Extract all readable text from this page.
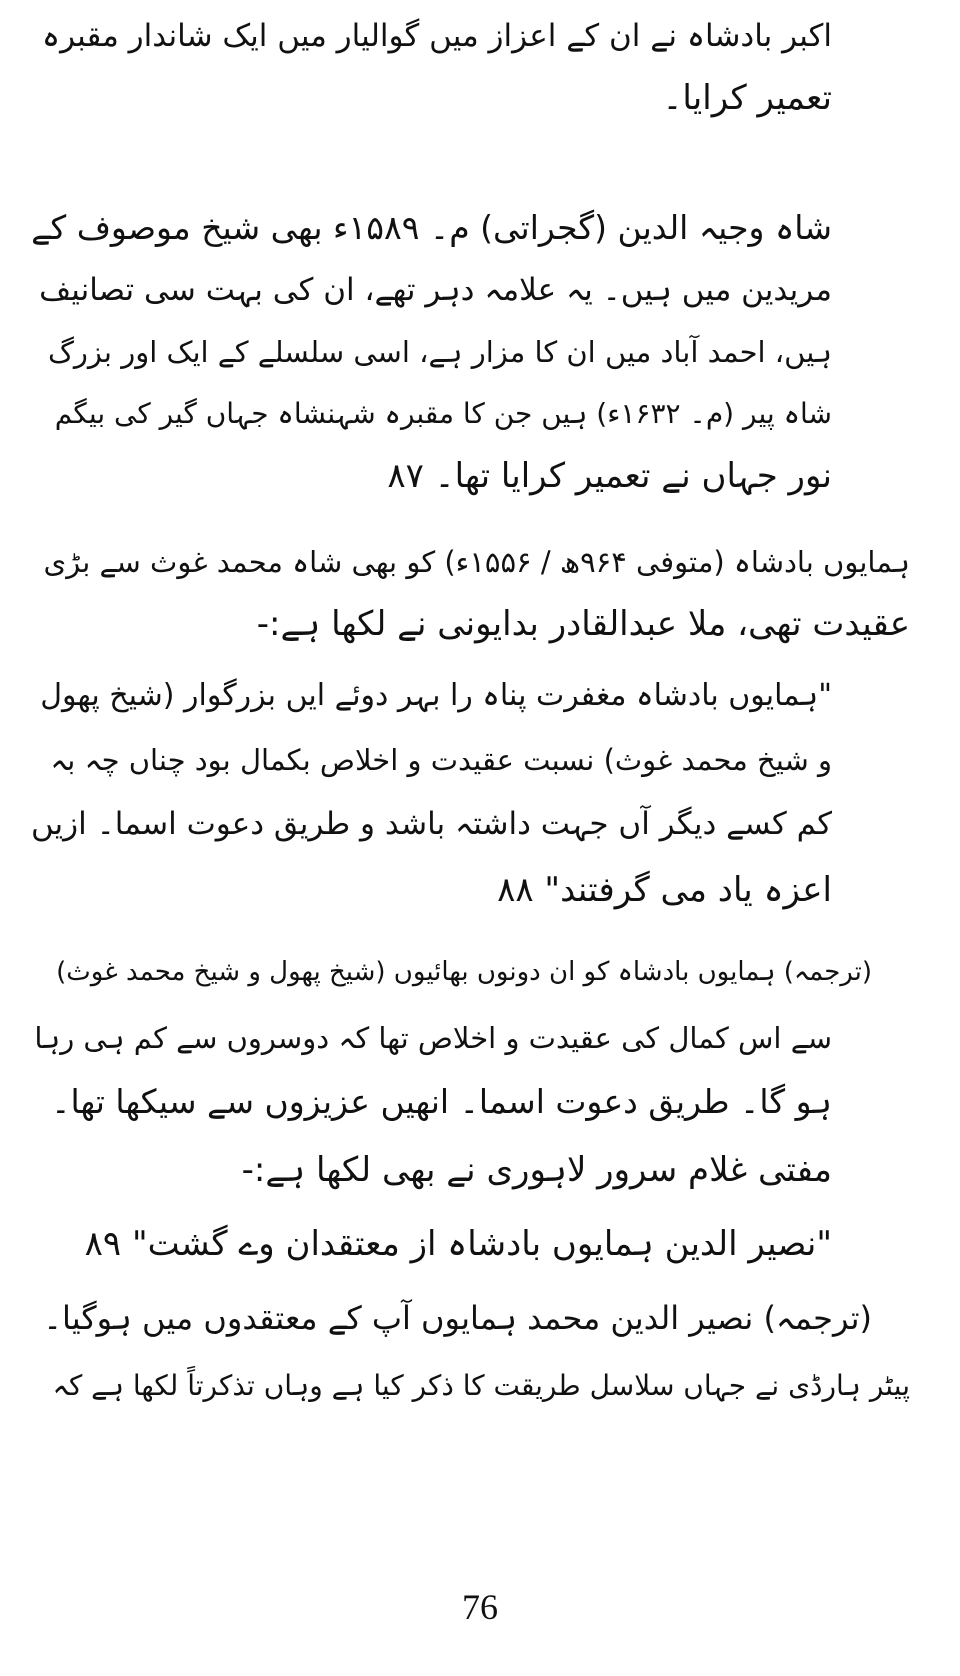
اکبر بادشاہ نے ان کے اعزاز میں گوالیار میں ایک شاندار مقبرہ
تعمیر کرایا۔
شاہ وجیہ الدین (گجراتی) م۔ ۱۵۸۹ء بھی شیخ موصوف کے
مریدین میں ہیں۔ یہ علامہ دہر تھے، ان کی بہت سی تصانیف
ہیں، احمد آباد میں ان کا مزار ہے، اسی سلسلے کے ایک اور بزرگ
شاہ پیر (م۔ ۱۶۳۲ء) ہیں جن کا مقبرہ شہنشاہ جہاں گیر کی بیگم
نور جہاں نے تعمیر کرایا تھا۔ ۸۷
ہمایوں بادشاہ (متوفی ۹۶۴ھ / ۱۵۵۶ء) کو بھی شاہ محمد غوث سے بڑی
عقیدت تھی، ملا عبدالقادر بدایونی نے لکھا ہے:-
"ہمایوں بادشاہ مغفرت پناہ را بہر دوئے ایں بزرگوار (شیخ پھول
و شیخ محمد غوث) نسبت عقیدت و اخلاص بکمال بود چناں چہ بہ
کم کسے دیگر آں جہت داشتہ باشد و طریق دعوت اسما۔ ازیں
اعزہ یاد می گرفتند" ۸۸
(ترجمہ) ہمایوں بادشاہ کو ان دونوں بھائیوں (شیخ پھول و شیخ محمد غوث)
سے اس کمال کی عقیدت و اخلاص تھا کہ دوسروں سے کم ہی رہا
ہو گا۔ طریق دعوت اسما۔ انھیں عزیزوں سے سیکھا تھا۔
مفتی غلام سرور لاہوری نے بھی لکھا ہے:-
"نصیر الدین ہمایوں بادشاہ از معتقدان وے گشت" ۸۹
(ترجمہ) نصیر الدین محمد ہمایوں آپ کے معتقدوں میں ہوگیا۔
پیٹر ہارڈی نے جہاں سلاسل طریقت کا ذکر کیا ہے وہاں تذکرتاً لکھا ہے کہ
76
